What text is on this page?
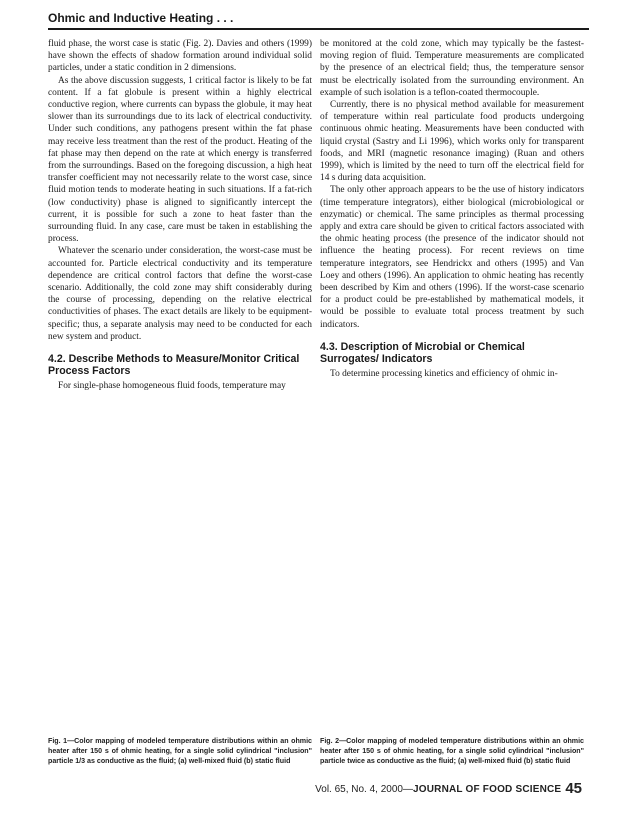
Ohmic and Inductive Heating . . .

fluid phase, the worst case is static (Fig. 2). Davies and others (1999) have shown the effects of shadow formation around individual solid particles, under a static condition in 2 dimensions.

As the above discussion suggests, 1 critical factor is likely to be fat content. If a fat globule is present within a highly electrical conductive region, where currents can bypass the globule, it may heat slower than its surroundings due to its lack of electrical conductivity. Under such conditions, any pathogens present within the fat phase may receive less treatment than the rest of the product. Heating of the fat phase may then depend on the rate at which energy is transferred from the surroundings. Based on the foregoing discussion, a high heat transfer coefficient may not necessarily relate to the worst case, since fluid motion tends to moderate heating in such situations. If a fat-rich (low conductivity) phase is aligned to significantly intercept the current, it is possible for such a zone to heat faster than the surrounding fluid. In any case, care must be taken in establishing the process.

Whatever the scenario under consideration, the worst-case must be accounted for. Particle electrical conductivity and its temperature dependence are critical control factors that define the worst-case scenario. Additionally, the cold zone may shift considerably during the course of processing, depending on the relative electrical conductivities of phases. The exact details are likely to be equipment-specific; thus, a separate analysis may need to be conducted for each new system and product.

4.2. Describe Methods to Measure/Monitor Critical Process Factors

For single-phase homogeneous fluid foods, temperature may

be monitored at the cold zone, which may typically be the fastest-moving region of fluid. Temperature measurements are complicated by the presence of an electrical field; thus, the temperature sensor must be electrically isolated from the surrounding environment. An example of such isolation is a teflon-coated thermocouple.

Currently, there is no physical method available for measurement of temperature within real particulate food products undergoing continuous ohmic heating. Measurements have been conducted with liquid crystal (Sastry and Li 1996), which works only for transparent foods, and MRI (magnetic resonance imaging) (Ruan and others 1999), which is limited by the need to turn off the electrical field for 14 s during data acquisition.

The only other approach appears to be the use of history indicators (time temperature integrators), either biological (microbiological or enzymatic) or chemical. The same principles as thermal processing apply and extra care should be given to critical factors associated with the ohmic heating process (the presence of the indicator should not influence the heating process). For recent reviews on time temperature integrators, see Hendrickx and others (1995) and Van Loey and others (1996). An application to ohmic heating has recently been described by Kim and others (1996). If the worst-case scenario for a product could be pre-established by mathematical models, it would be possible to evaluate total process treatment by such indicators.

4.3. Description of Microbial or Chemical Surrogates/ Indicators

To determine processing kinetics and efficiency of ohmic in-

Fig. 1—Color mapping of modeled temperature distributions within an ohmic heater after 150 s of ohmic heating, for a single solid cylindrical "inclusion" particle 1/3 as conductive as the fluid; (a) well-mixed fluid (b) static fluid
Fig. 2—Color mapping of modeled temperature distributions within an ohmic heater after 150 s of ohmic heating, for a single solid cylindrical "inclusion" particle twice as conductive as the fluid; (a) well-mixed fluid (b) static fluid
Vol. 65, No. 4, 2000—JOURNAL OF FOOD SCIENCE 45
